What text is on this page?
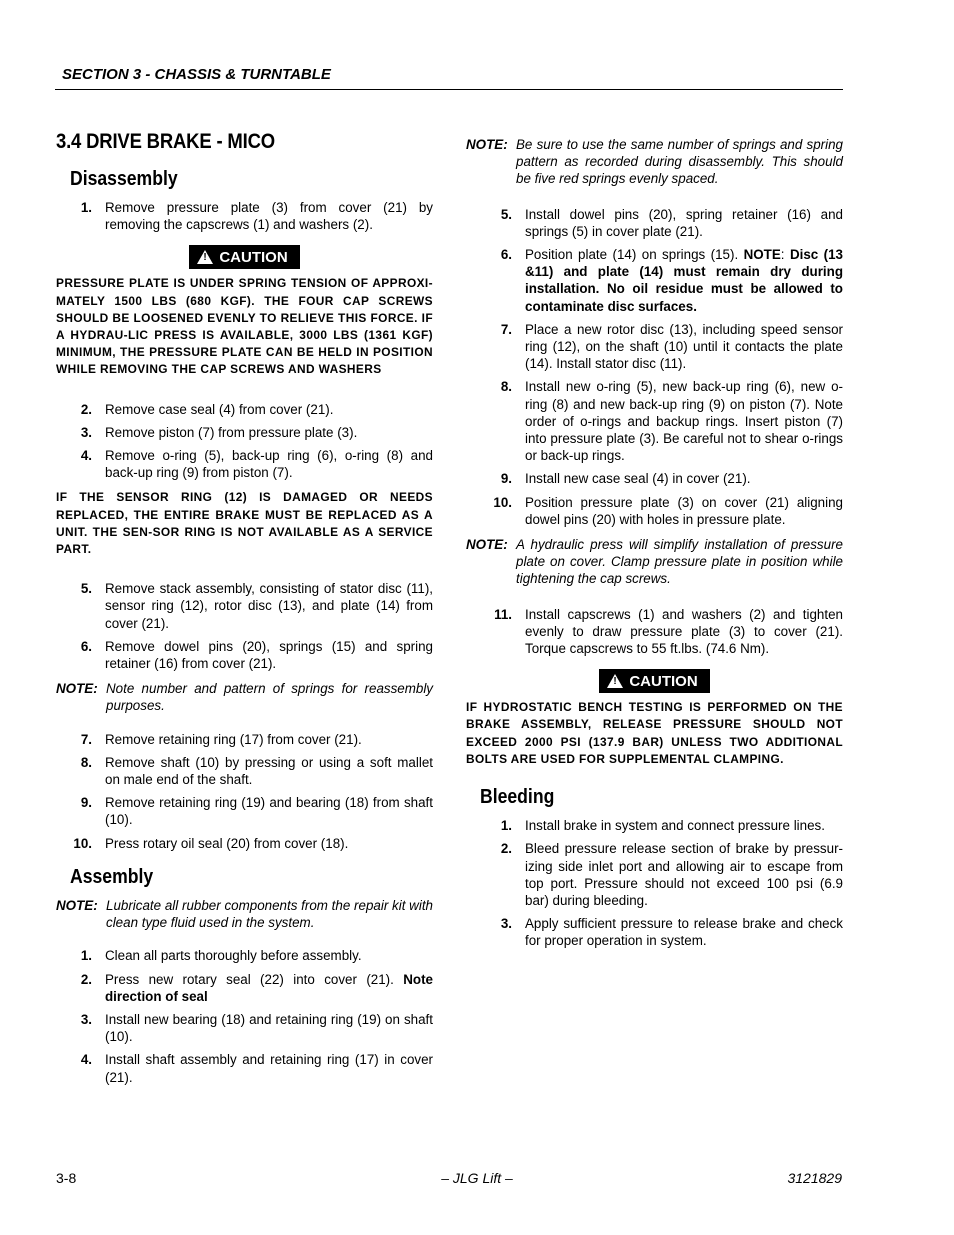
SECTION 3 - CHASSIS & TURNTABLE
3.4 DRIVE BRAKE - MICO
Disassembly
1. Remove pressure plate (3) from cover (21) by removing the capscrews (1) and washers (2).
! CAUTION
PRESSURE PLATE IS UNDER SPRING TENSION OF APPROXI-MATELY 1500 LBS (680 KGF). THE FOUR CAP SCREWS SHOULD BE LOOSENED EVENLY TO RELIEVE THIS FORCE. IF A HYDRAU-LIC PRESS IS AVAILABLE, 3000 LBS (1361 KGF) MINIMUM, THE PRESSURE PLATE CAN BE HELD IN POSITION WHILE REMOVING THE CAP SCREWS AND WASHERS
2. Remove case seal (4) from cover (21).
3. Remove piston (7) from pressure plate (3).
4. Remove o-ring (5), back-up ring (6), o-ring (8) and back-up ring (9) from piston (7).
IF THE SENSOR RING (12) IS DAMAGED OR NEEDS REPLACED, THE ENTIRE BRAKE MUST BE REPLACED AS A UNIT. THE SEN-SOR RING IS NOT AVAILABLE AS A SERVICE PART.
5. Remove stack assembly, consisting of stator disc (11), sensor ring (12), rotor disc (13), and plate (14) from cover (21).
6. Remove dowel pins (20), springs (15) and spring retainer (16) from cover (21).
NOTE: Note number and pattern of springs for reassembly purposes.
7. Remove retaining ring (17) from cover (21).
8. Remove shaft (10) by pressing or using a soft mallet on male end of the shaft.
9. Remove retaining ring (19) and bearing (18) from shaft (10).
10. Press rotary oil seal (20) from cover (18).
Assembly
NOTE: Lubricate all rubber components from the repair kit with clean type fluid used in the system.
1. Clean all parts thoroughly before assembly.
2. Press new rotary seal (22) into cover (21). Note direction of seal
3. Install new bearing (18) and retaining ring (19) on shaft (10).
4. Install shaft assembly and retaining ring (17) in cover (21).
NOTE: Be sure to use the same number of springs and spring pattern as recorded during disassembly. This should be five red springs evenly spaced.
5. Install dowel pins (20), spring retainer (16) and springs (5) in cover plate (21).
6. Position plate (14) on springs (15). NOTE: Disc (13 &11) and plate (14) must remain dry during installation. No oil residue must be allowed to contaminate disc surfaces.
7. Place a new rotor disc (13), including speed sensor ring (12), on the shaft (10) until it contacts the plate (14). Install stator disc (11).
8. Install new o-ring (5), new back-up ring (6), new o-ring (8) and new back-up ring (9) on piston (7). Note order of o-rings and backup rings. Insert piston (7) into pressure plate (3). Be careful not to shear o-rings or back-up rings.
9. Install new case seal (4) in cover (21).
10. Position pressure plate (3) on cover (21) aligning dowel pins (20) with holes in pressure plate.
NOTE: A hydraulic press will simplify installation of pressure plate on cover. Clamp pressure plate in position while tightening the cap screws.
11. Install capscrews (1) and washers (2) and tighten evenly to draw pressure plate (3) to cover (21). Torque capscrews to 55 ft.lbs. (74.6 Nm).
! CAUTION
IF HYDROSTATIC BENCH TESTING IS PERFORMED ON THE BRAKE ASSEMBLY, RELEASE PRESSURE SHOULD NOT EXCEED 2000 PSI (137.9 BAR) UNLESS TWO ADDITIONAL BOLTS ARE USED FOR SUPPLEMENTAL CLAMPING.
Bleeding
1. Install brake in system and connect pressure lines.
2. Bleed pressure release section of brake by pressur-izing side inlet port and allowing air to escape from top port. Pressure should not exceed 100 psi (6.9 bar) during bleeding.
3. Apply sufficient pressure to release brake and check for proper operation in system.
3-8	– JLG Lift –	3121829
